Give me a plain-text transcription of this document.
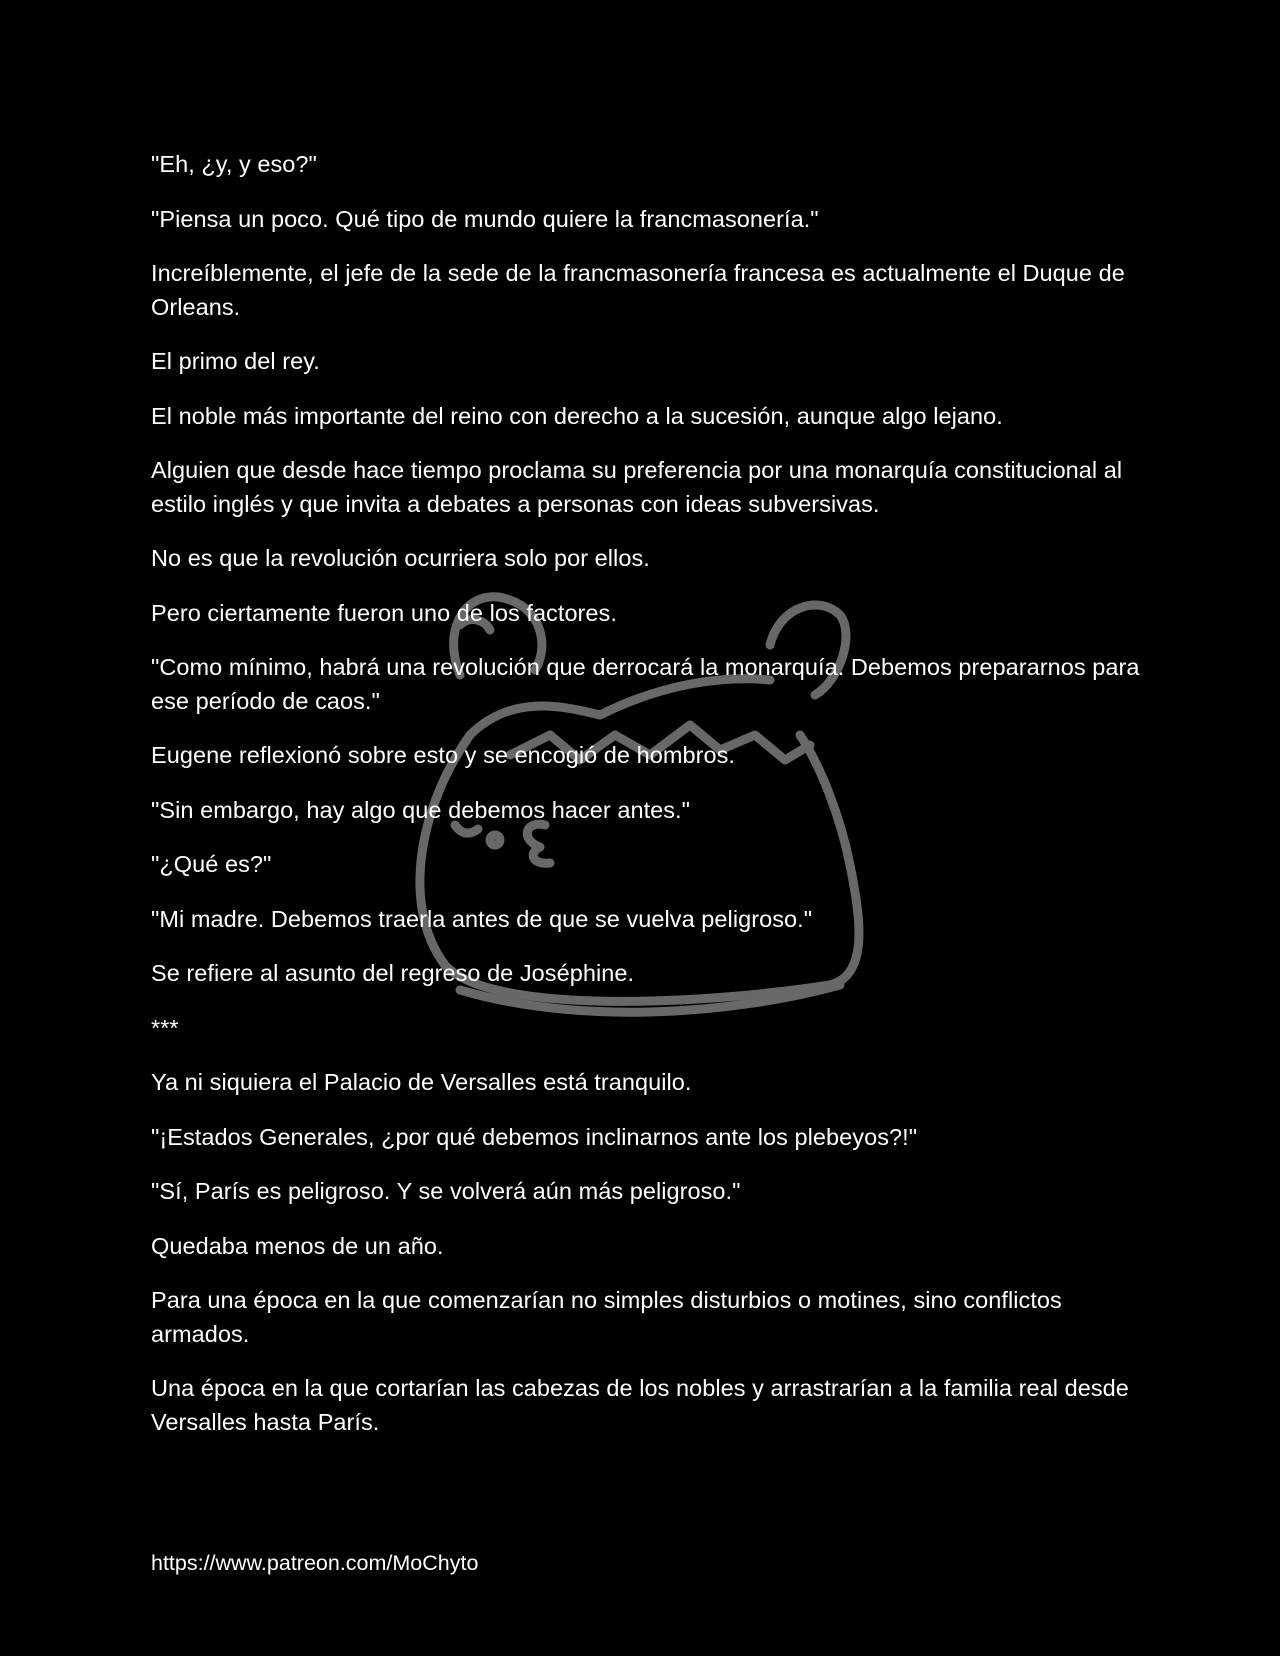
"Eh, ¿y, y eso?"

"Piensa un poco. Qué tipo de mundo quiere la francmasonería."

Increíblemente, el jefe de la sede de la francmasonería francesa es actualmente el Duque de Orleans.

El primo del rey.

El noble más importante del reino con derecho a la sucesión, aunque algo lejano.

Alguien que desde hace tiempo proclama su preferencia por una monarquía constitucional al estilo inglés y que invita a debates a personas con ideas subversivas.

No es que la revolución ocurriera solo por ellos.

Pero ciertamente fueron uno de los factores.

"Como mínimo, habrá una revolución que derrocará la monarquía. Debemos prepararnos para ese período de caos."

Eugene reflexionó sobre esto y se encogió de hombros.

"Sin embargo, hay algo que debemos hacer antes."

"¿Qué es?"

"Mi madre. Debemos traerla antes de que se vuelva peligroso."

Se refiere al asunto del regreso de Joséphine.

***

Ya ni siquiera el Palacio de Versalles está tranquilo.

"¡Estados Generales, ¿por qué debemos inclinarnos ante los plebeyos?!"

"Sí, París es peligroso. Y se volverá aún más peligroso."

Quedaba menos de un año.

Para una época en la que comenzarían no simples disturbios o motines, sino conflictos armados.

Una época en la que cortarían las cabezas de los nobles y arrastrarían a la familia real desde Versalles hasta París.

https://www.patreon.com/MoChyto
